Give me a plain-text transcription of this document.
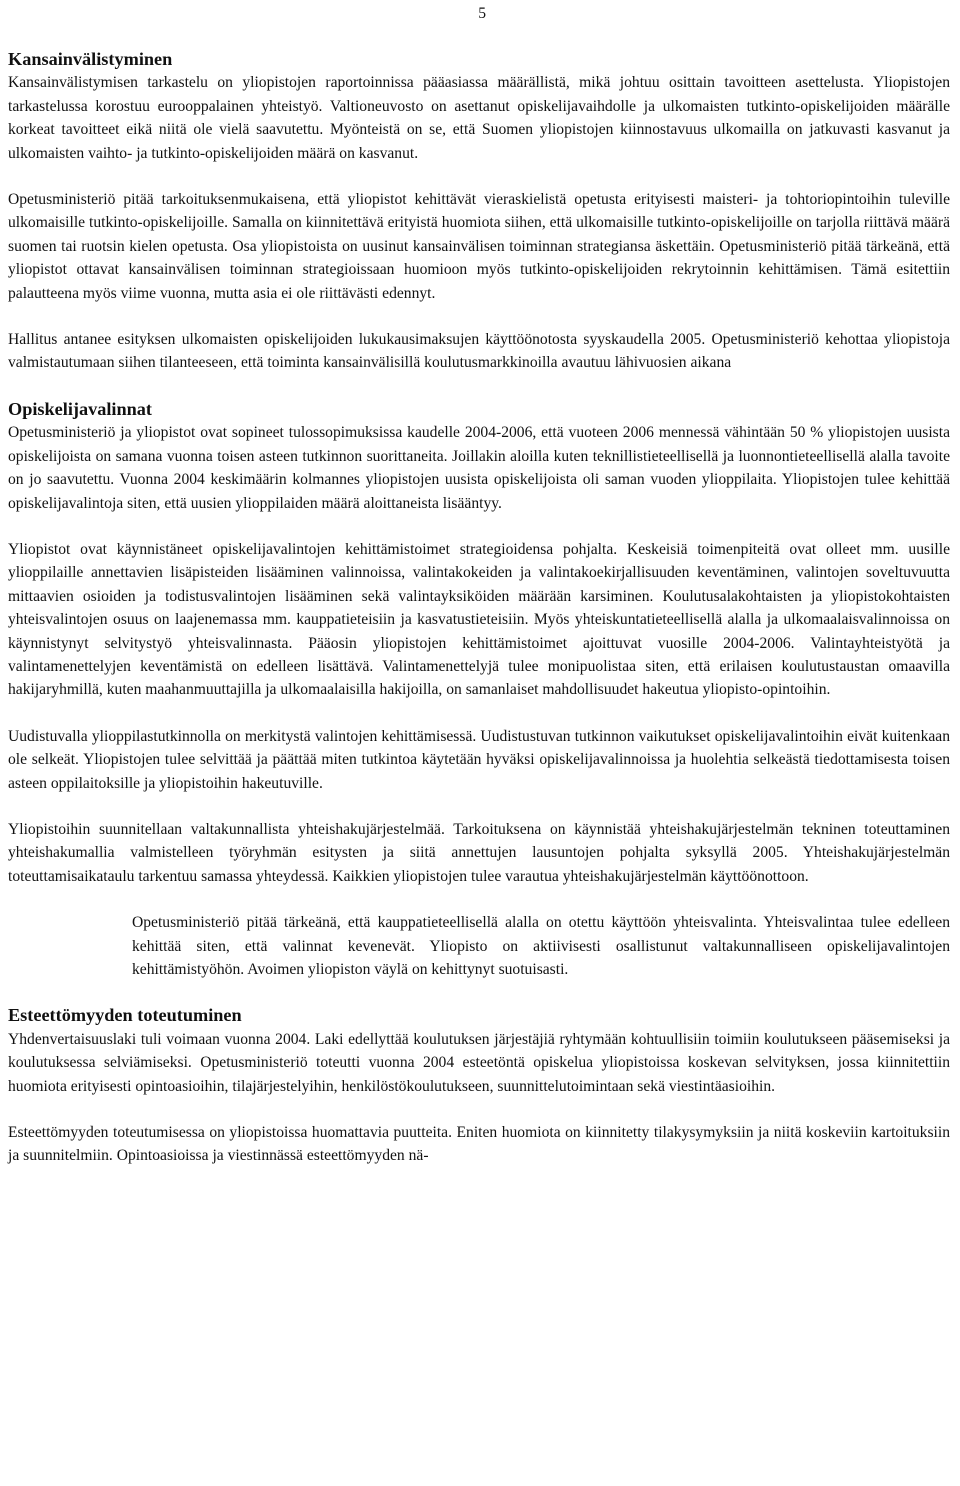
5
Kansainvälistyminen

Kansainvälistymisen tarkastelu on yliopistojen raportoinnissa pääasiassa määrällistä, mikä johtuu osittain tavoitteen asettelusta. Yliopistojen tarkastelussa korostuu eurooppalainen yhteistyö. Valtioneuvosto on asettanut opiskelijavaihdolle ja ulkomaisten tutkinto-opiskelijoiden määrälle korkeat tavoitteet eikä niitä ole vielä saavutettu. Myönteistä on se, että Suomen yliopistojen kiinnostavuus ulkomailla on jatkuvasti kasvanut ja ulkomaisten vaihto- ja tutkinto-opiskelijoiden määrä on kasvanut.

Opetusministeriö pitää tarkoituksenmukaisena, että yliopistot kehittävät vieraskielistä opetusta erityisesti maisteri- ja tohtoriopintoihin tuleville ulkomaisille tutkinto-opiskelijoille. Samalla on kiinnitettävä erityistä huomiota siihen, että ulkomaisille tutkinto-opiskelijoille on tarjolla riittävä määrä suomen tai ruotsin kielen opetusta. Osa yliopistoista on uusinut kansainvälisen toiminnan strategiansa äskettäin. Opetusministeriö pitää tärkeänä, että yliopistot ottavat kansainvälisen toiminnan strategioissaan huomioon myös tutkinto-opiskelijoiden rekrytoinnin kehittämisen. Tämä esitettiin palautteena myös viime vuonna, mutta asia ei ole riittävästi edennyt.

Hallitus antanee esityksen ulkomaisten opiskelijoiden lukukausimaksujen käyttöönotosta syyskaudella 2005. Opetusministeriö kehottaa yliopistoja valmistautumaan siihen tilanteeseen, että toiminta kansainvälisillä koulutusmarkkinoilla avautuu lähivuosien aikana

Opiskelijavalinnat

Opetusministeriö ja yliopistot ovat sopineet tulossopimuksissa kaudelle 2004-2006, että vuoteen 2006 mennessä vähintään 50 % yliopistojen uusista opiskelijoista on samana vuonna toisen asteen tutkinnon suorittaneita. Joillakin aloilla kuten teknillistieteellisellä ja luonnontieteellisellä alalla tavoite on jo saavutettu. Vuonna 2004 keskimäärin kolmannes yliopistojen uusista opiskelijoista oli saman vuoden ylioppilaita. Yliopistojen tulee kehittää opiskelijavalintoja siten, että uusien ylioppilaiden määrä aloittaneista lisääntyy.

Yliopistot ovat käynnistäneet opiskelijavalintojen kehittämistoimet strategioidensa pohjalta. Keskeisiä toimenpiteitä ovat olleet mm. uusille ylioppilaille annettavien lisäpisteiden lisääminen valinnoissa, valintakokeiden ja valintakoekirjallisuuden keventäminen, valintojen soveltuvuutta mittaavien osioiden ja todistusvalintojen lisääminen sekä valintayksiköiden määrään karsiminen. Koulutusalakohtaisten ja yliopistokohtaisten yhteisvalintojen osuus on laajenemassa mm. kauppatieteisiin ja kasvatustieteisiin. Myös yhteiskuntatieteellisellä alalla ja ulkomaalaisvalinnoissa on käynnistynyt selvitystyö yhteisvalinnasta. Pääosin yliopistojen kehittämistoimet ajoittuvat vuosille 2004-2006. Valintayhteistyötä ja valintamenettelyjen keventämistä on edelleen lisättävä. Valintamenettelyjä tulee monipuolistaa siten, että erilaisen koulutustaustan omaavilla hakijaryhmillä, kuten maahanmuuttajilla ja ulkomaalaisilla hakijoilla, on samanlaiset mahdollisuudet hakeutua yliopisto-opintoihin.

Uudistuvalla ylioppilastutkinnolla on merkitystä valintojen kehittämisessä. Uudistustuvan tutkinnon vaikutukset opiskelijavalintoihin eivät kuitenkaan ole selkeät. Yliopistojen tulee selvittää ja päättää miten tutkintoa käytetään hyväksi opiskelijavalinnoissa ja huolehtia selkeästä tiedottamisesta toisen asteen oppilaitoksille ja yliopistoihin hakeutuville.

Yliopistoihin suunnitellaan valtakunnallista yhteishakujärjestelmää. Tarkoituksena on käynnistää yhteishakujärjestelmän tekninen toteuttaminen yhteishakumallia valmistelleen työryhmän esitysten ja siitä annettujen lausuntojen pohjalta syksyllä 2005. Yhteishakujärjestelmän toteuttamisaikataulu tarkentuu samassa yhteydessä. Kaikkien yliopistojen tulee varautua yhteishakujärjestelmän käyttöönottoon.

Opetusministeriö pitää tärkeänä, että kauppatieteellisellä alalla on otettu käyttöön yhteisvalinta. Yhteisvalintaa tulee edelleen kehittää siten, että valinnat kevenevät. Yliopisto on aktiivisesti osallistunut valtakunnalliseen opiskelijavalintojen kehittämistyöhön. Avoimen yliopiston väylä on kehittynyt suotuisasti.

Esteettömyyden toteutuminen

Yhdenvertaisuuslaki tuli voimaan vuonna 2004. Laki edellyttää koulutuksen järjestäjiä ryhtymään kohtuullisiin toimiin koulutukseen pääsemiseksi ja koulutuksessa selviämiseksi. Opetusministeriö toteutti vuonna 2004 esteetöntä opiskelua yliopistoissa koskevan selvityksen, jossa kiinnitettiin huomiota erityisesti opintoasioihin, tilajärjestelyihin, henkilöstökoulutukseen, suunnittelutoimintaan sekä viestintäasioihin.

Esteettömyyden toteutumisessa on yliopistoissa huomattavia puutteita. Eniten huomiota on kiinnitetty tilakysymyksiin ja niitä koskeviin kartoituksiin ja suunnitelmiin. Opintoasioissa ja viestinnässä esteettömyyden nä-
